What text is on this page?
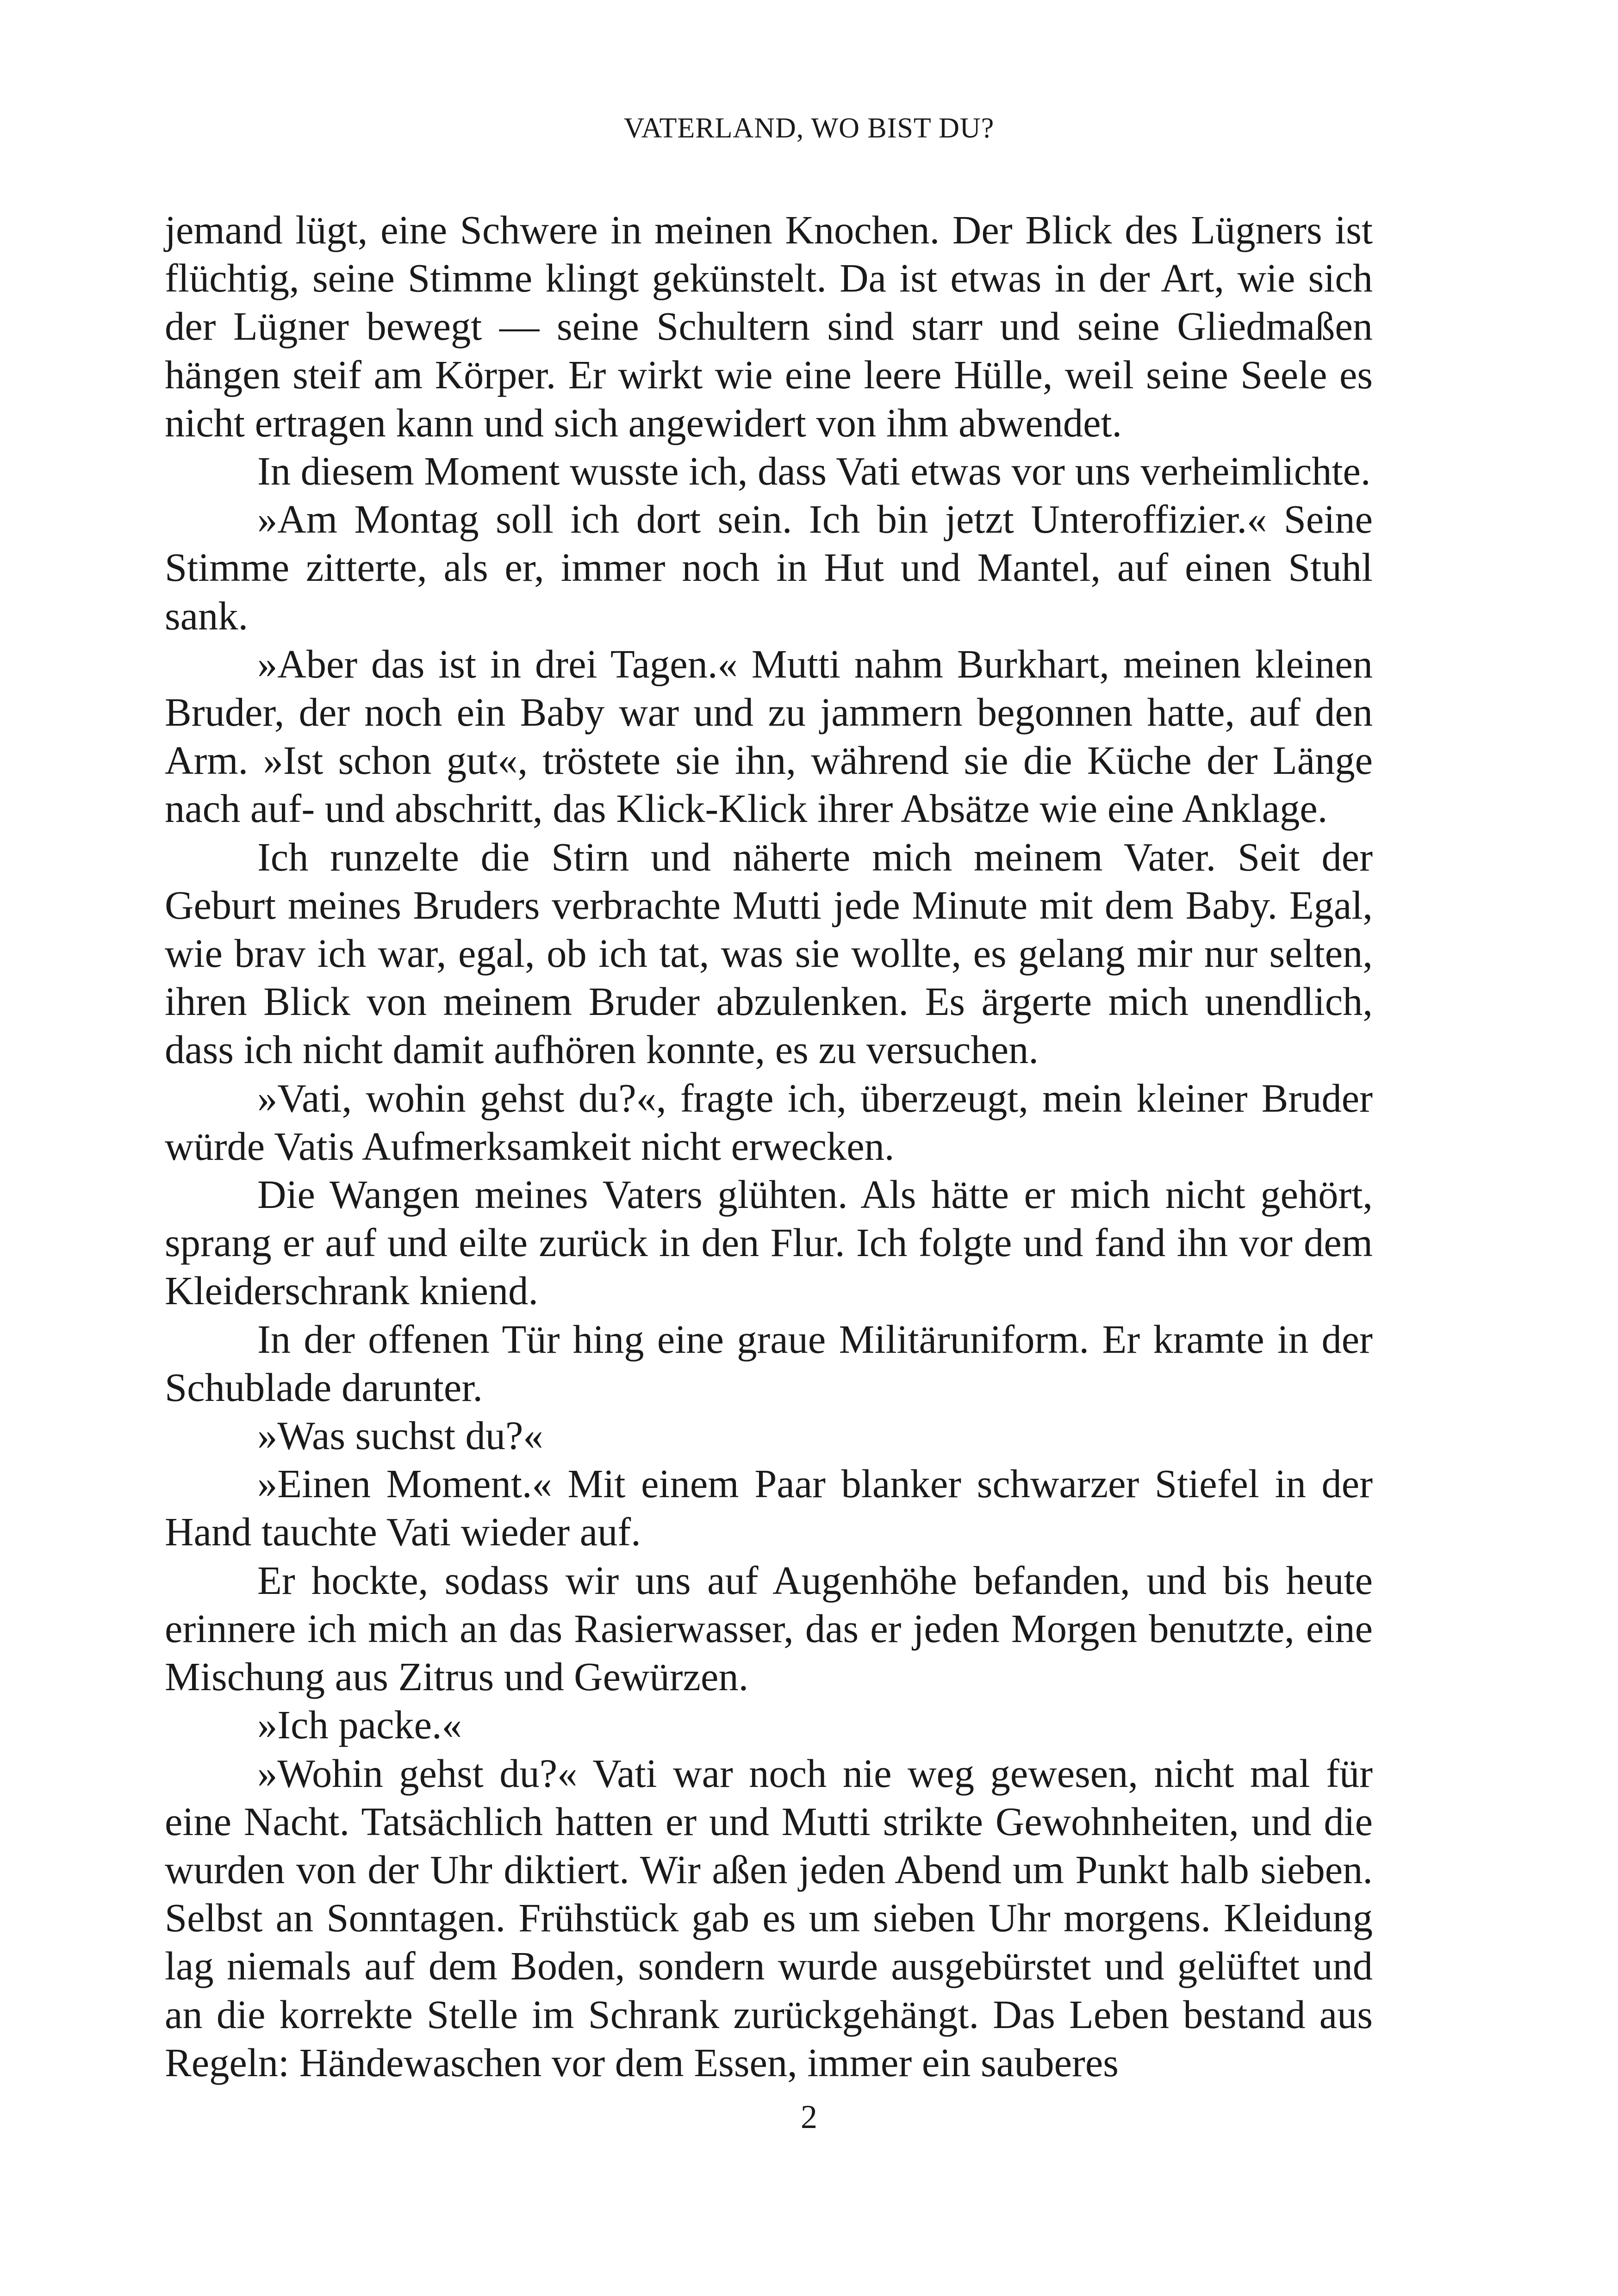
VATERLAND, WO BIST DU?

jemand lügt, eine Schwere in meinen Knochen. Der Blick des Lügners ist flüchtig, seine Stimme klingt gekünstelt. Da ist etwas in der Art, wie sich der Lügner bewegt — seine Schultern sind starr und seine Gliedmaßen hängen steif am Körper. Er wirkt wie eine leere Hülle, weil seine Seele es nicht ertragen kann und sich angewidert von ihm abwendet.

In diesem Moment wusste ich, dass Vati etwas vor uns verheimlichte.

»Am Montag soll ich dort sein. Ich bin jetzt Unteroffizier.« Seine Stimme zitterte, als er, immer noch in Hut und Mantel, auf einen Stuhl sank.

»Aber das ist in drei Tagen.« Mutti nahm Burkhart, meinen kleinen Bruder, der noch ein Baby war und zu jammern begonnen hatte, auf den Arm. »Ist schon gut«, tröstete sie ihn, während sie die Küche der Länge nach auf- und abschritt, das Klick-Klick ihrer Absätze wie eine Anklage.

Ich runzelte die Stirn und näherte mich meinem Vater. Seit der Geburt meines Bruders verbrachte Mutti jede Minute mit dem Baby. Egal, wie brav ich war, egal, ob ich tat, was sie wollte, es gelang mir nur selten, ihren Blick von meinem Bruder abzulenken. Es ärgerte mich unendlich, dass ich nicht damit aufhören konnte, es zu versuchen.

»Vati, wohin gehst du?«, fragte ich, überzeugt, mein kleiner Bruder würde Vatis Aufmerksamkeit nicht erwecken.

Die Wangen meines Vaters glühten. Als hätte er mich nicht gehört, sprang er auf und eilte zurück in den Flur. Ich folgte und fand ihn vor dem Kleiderschrank kniend.

In der offenen Tür hing eine graue Militäruniform. Er kramte in der Schublade darunter.

»Was suchst du?«

»Einen Moment.« Mit einem Paar blanker schwarzer Stiefel in der Hand tauchte Vati wieder auf.

Er hockte, sodass wir uns auf Augenhöhe befanden, und bis heute erinnere ich mich an das Rasierwasser, das er jeden Morgen benutzte, eine Mischung aus Zitrus und Gewürzen.

»Ich packe.«

»Wohin gehst du?« Vati war noch nie weg gewesen, nicht mal für eine Nacht. Tatsächlich hatten er und Mutti strikte Gewohnheiten, und die wurden von der Uhr diktiert. Wir aßen jeden Abend um Punkt halb sieben. Selbst an Sonntagen. Frühstück gab es um sieben Uhr morgens. Kleidung lag niemals auf dem Boden, sondern wurde ausgebürstet und gelüftet und an die korrekte Stelle im Schrank zurückgehängt. Das Leben bestand aus Regeln: Händewaschen vor dem Essen, immer ein sauberes

2
